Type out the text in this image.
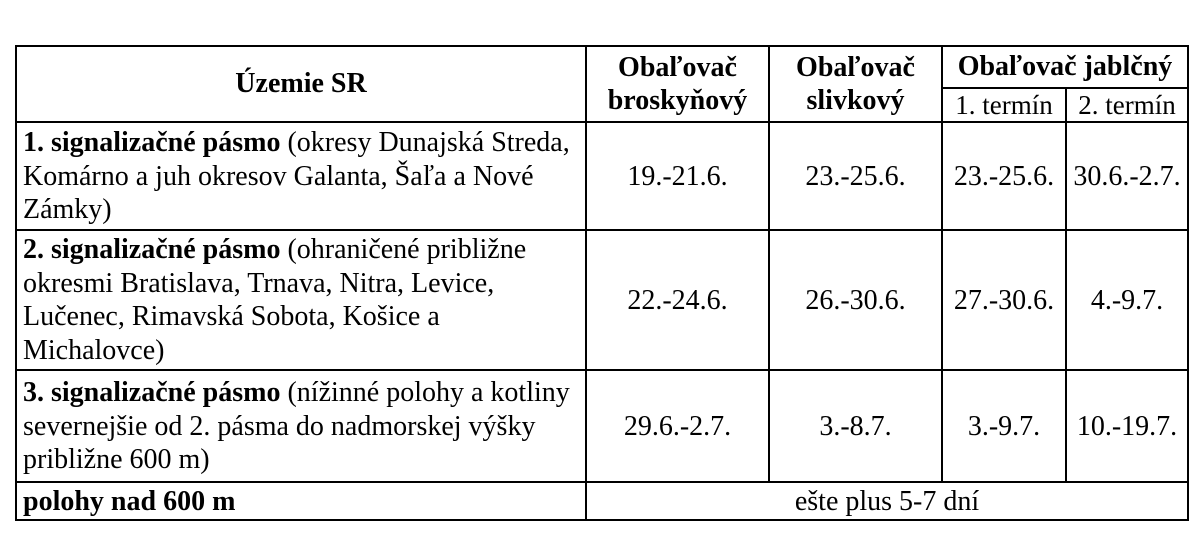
Územie SR	Obaľovač broskyňový	Obaľovač slivkový	Obaľovač jablčný	
			1. termín	2. termín
1. signalizačné pásmo (okresy Dunajská Streda, Komárno a juh okresov Galanta, Šaľa a Nové Zámky)	19.-21.6.	23.-25.6.	23.-25.6.	30.6.-2.7.
2. signalizačné pásmo (ohraničené približne okresmi Bratislava, Trnava, Nitra, Levice, Lučenec, Rimavská Sobota, Košice a Michalovce)	22.-24.6.	26.-30.6.	27.-30.6.	4.-9.7.
3. signalizačné pásmo (nížinné polohy a kotliny severnejšie od 2. pásma do nadmorskej výšky približne 600 m)	29.6.-2.7.	3.-8.7.	3.-9.7.	10.-19.7.
polohy nad 600 m	ešte plus 5-7 dní			
